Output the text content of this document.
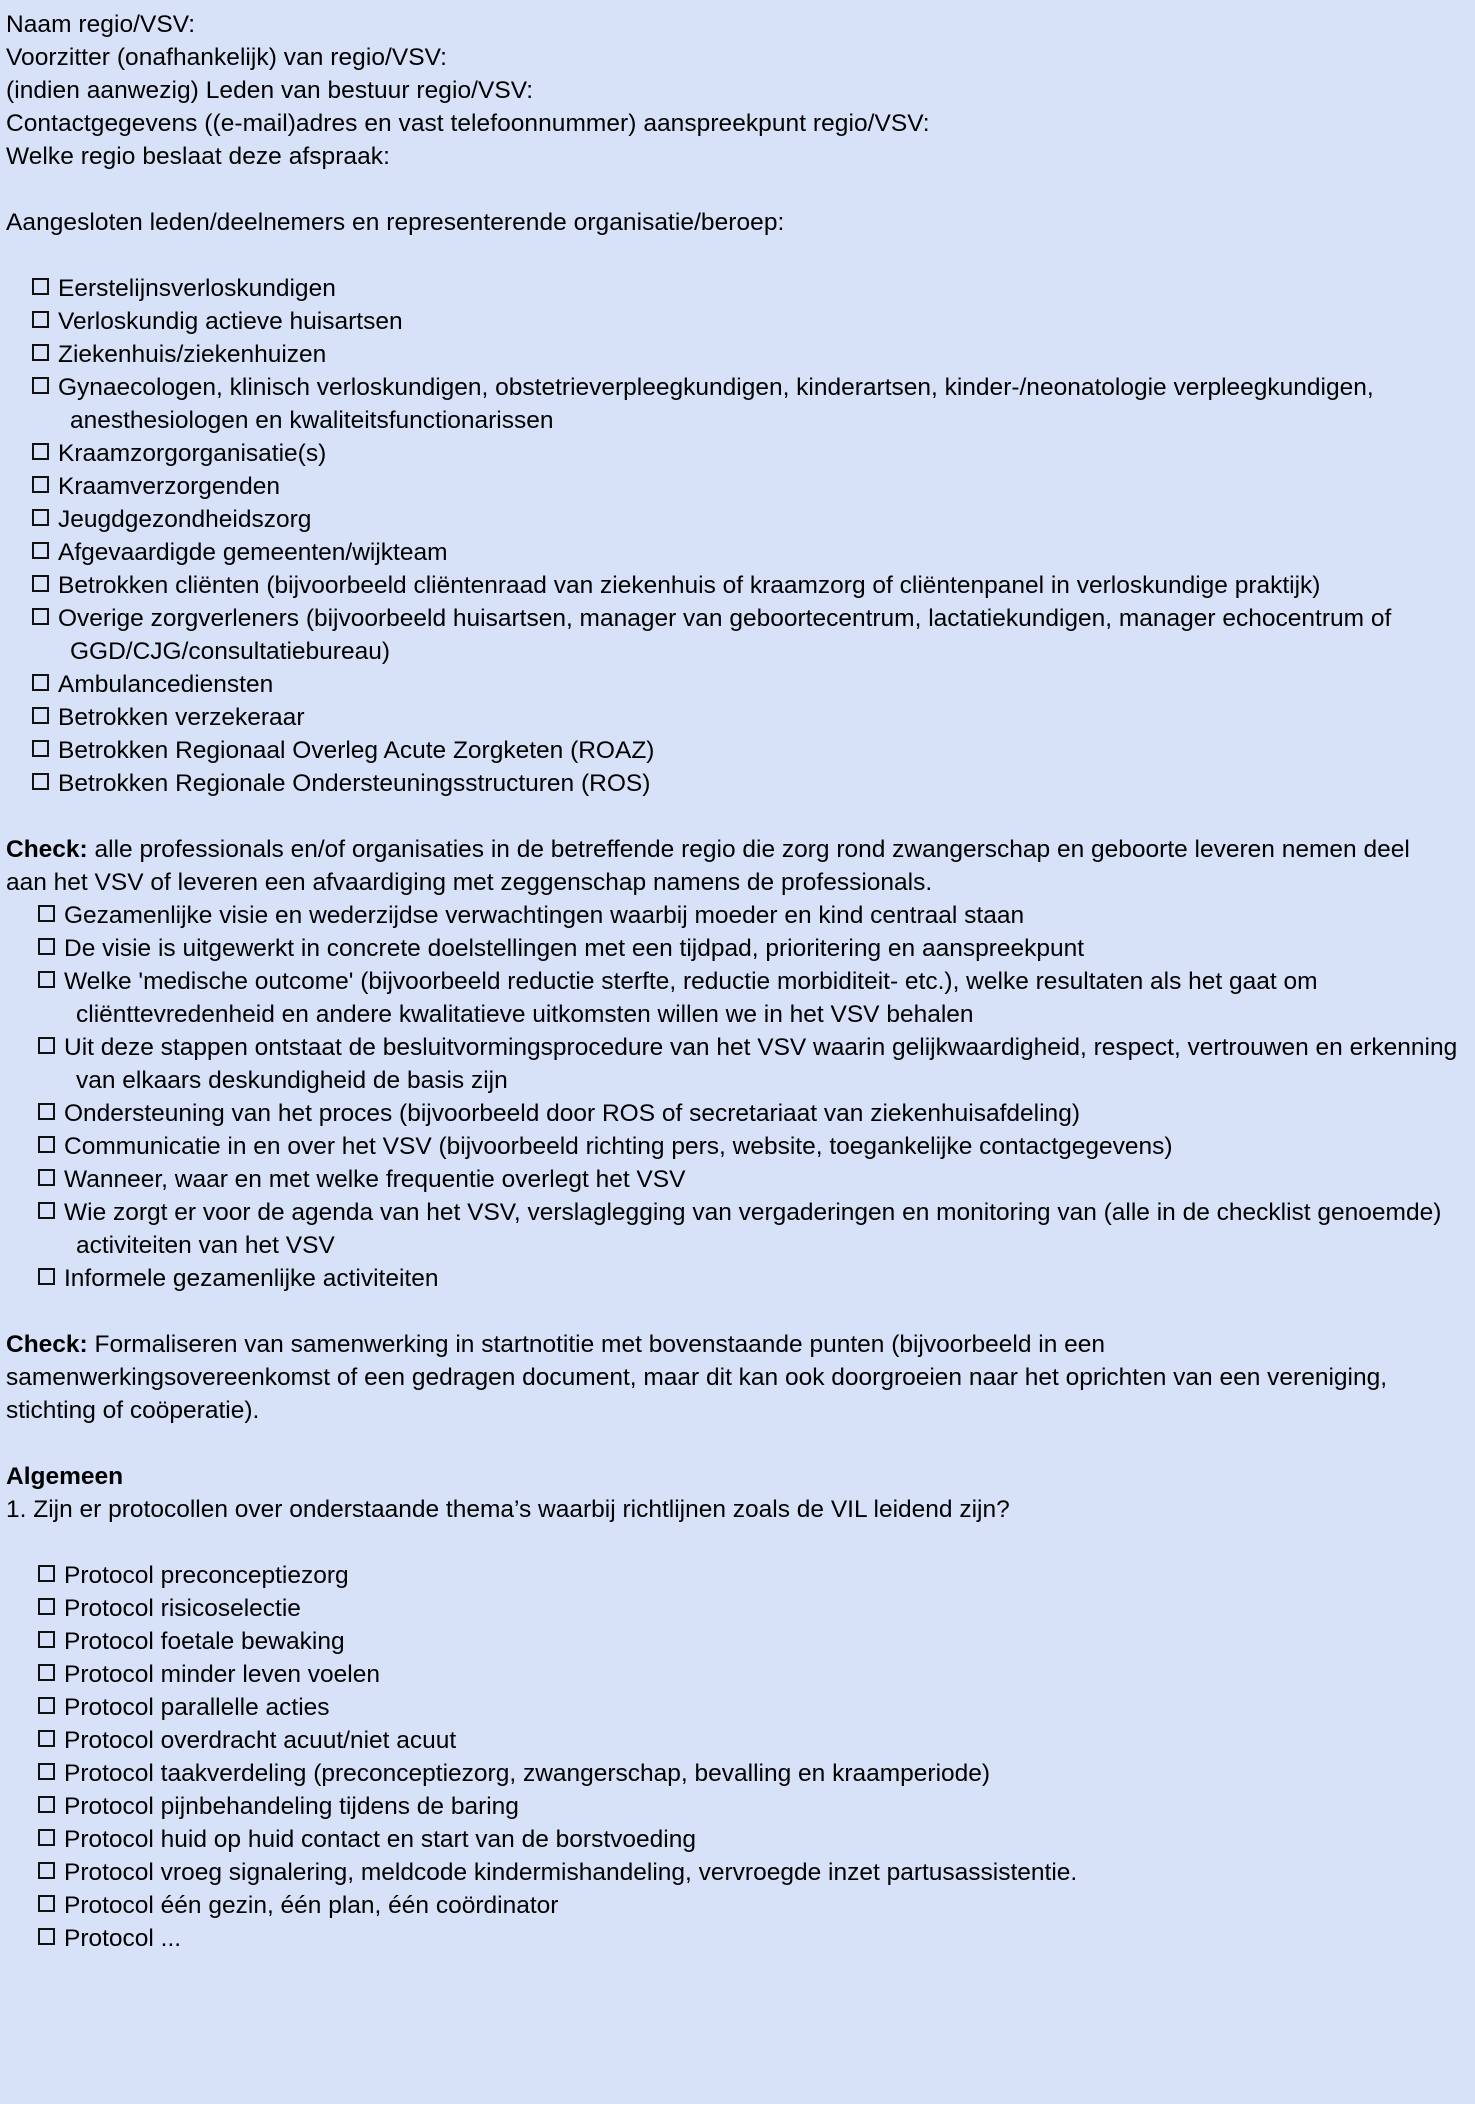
Naam regio/VSV:
Voorzitter (onafhankelijk) van regio/VSV:
(indien aanwezig) Leden van bestuur regio/VSV:
Contactgegevens ((e-mail)adres en vast telefoonnummer) aanspreekpunt regio/VSV:
Welke regio beslaat deze afspraak:
Aangesloten leden/deelnemers en representerende organisatie/beroep:
Eerstelijnsverloskundigen
Verloskundig actieve huisartsen
Ziekenhuis/ziekenhuizen
Gynaecologen, klinisch verloskundigen, obstetrieverpleegkundigen, kinderartsen, kinder-/neonatologie verpleegkundigen, anesthesiologen en kwaliteitsfunctionarissen
Kraamzorgorganisatie(s)
Kraamverzorgenden
Jeugdgezondheidszorg
Afgevaardigde gemeenten/wijkteam
Betrokken cliënten (bijvoorbeeld cliëntenraad van ziekenhuis of kraamzorg of cliëntenpanel in verloskundige praktijk)
Overige zorgverleners (bijvoorbeeld huisartsen, manager van geboortecentrum, lactatiekundigen, manager echocentrum of GGD/CJG/consultatiebureau)
Ambulancediensten
Betrokken verzekeraar
Betrokken Regionaal Overleg Acute Zorgketen (ROAZ)
Betrokken Regionale Ondersteuningsstructuren (ROS)
Check: alle professionals en/of organisaties in de betreffende regio die zorg rond zwangerschap en geboorte leveren nemen deel aan het VSV of leveren een afvaardiging met zeggenschap namens de professionals.
Gezamenlijke visie en wederzijdse verwachtingen waarbij moeder en kind centraal staan
De visie is uitgewerkt in concrete doelstellingen met een tijdpad, prioritering en aanspreekpunt
Welke 'medische outcome' (bijvoorbeeld reductie sterfte, reductie morbiditeit- etc.), welke resultaten als het gaat om cliënttevredenheid en andere kwalitatieve uitkomsten willen we in het VSV behalen
Uit deze stappen ontstaat de besluitvormingsprocedure van het VSV waarin gelijkwaardigheid, respect, vertrouwen en erkenning van elkaars deskundigheid de basis zijn
Ondersteuning van het proces (bijvoorbeeld door ROS of secretariaat van ziekenhuisafdeling)
Communicatie in en over het VSV (bijvoorbeeld richting pers, website, toegankelijke contactgegevens)
Wanneer, waar en met welke frequentie overlegt het VSV
Wie zorgt er voor de agenda van het VSV, verslaglegging van vergaderingen en monitoring van (alle in de checklist genoemde) activiteiten van het VSV
Informele gezamenlijke activiteiten
Check: Formaliseren van samenwerking in startnotitie met bovenstaande punten (bijvoorbeeld in een samenwerkingsovereenkomst of een gedragen document, maar dit kan ook doorgroeien naar het oprichten van een vereniging, stichting of coöperatie).
Algemeen
1. Zijn er protocollen over onderstaande thema’s waarbij richtlijnen zoals de VIL leidend zijn?
Protocol preconceptiezorg
Protocol risicoselectie
Protocol foetale bewaking
Protocol minder leven voelen
Protocol parallelle acties
Protocol overdracht acuut/niet acuut
Protocol taakverdeling (preconceptiezorg, zwangerschap, bevalling en kraamperiode)
Protocol pijnbehandeling tijdens de baring
Protocol huid op huid contact en start van de borstvoeding
Protocol vroeg signalering, meldcode kindermishandeling, vervroegde inzet partusassistentie.
Protocol één gezin, één plan, één coördinator
Protocol ...
